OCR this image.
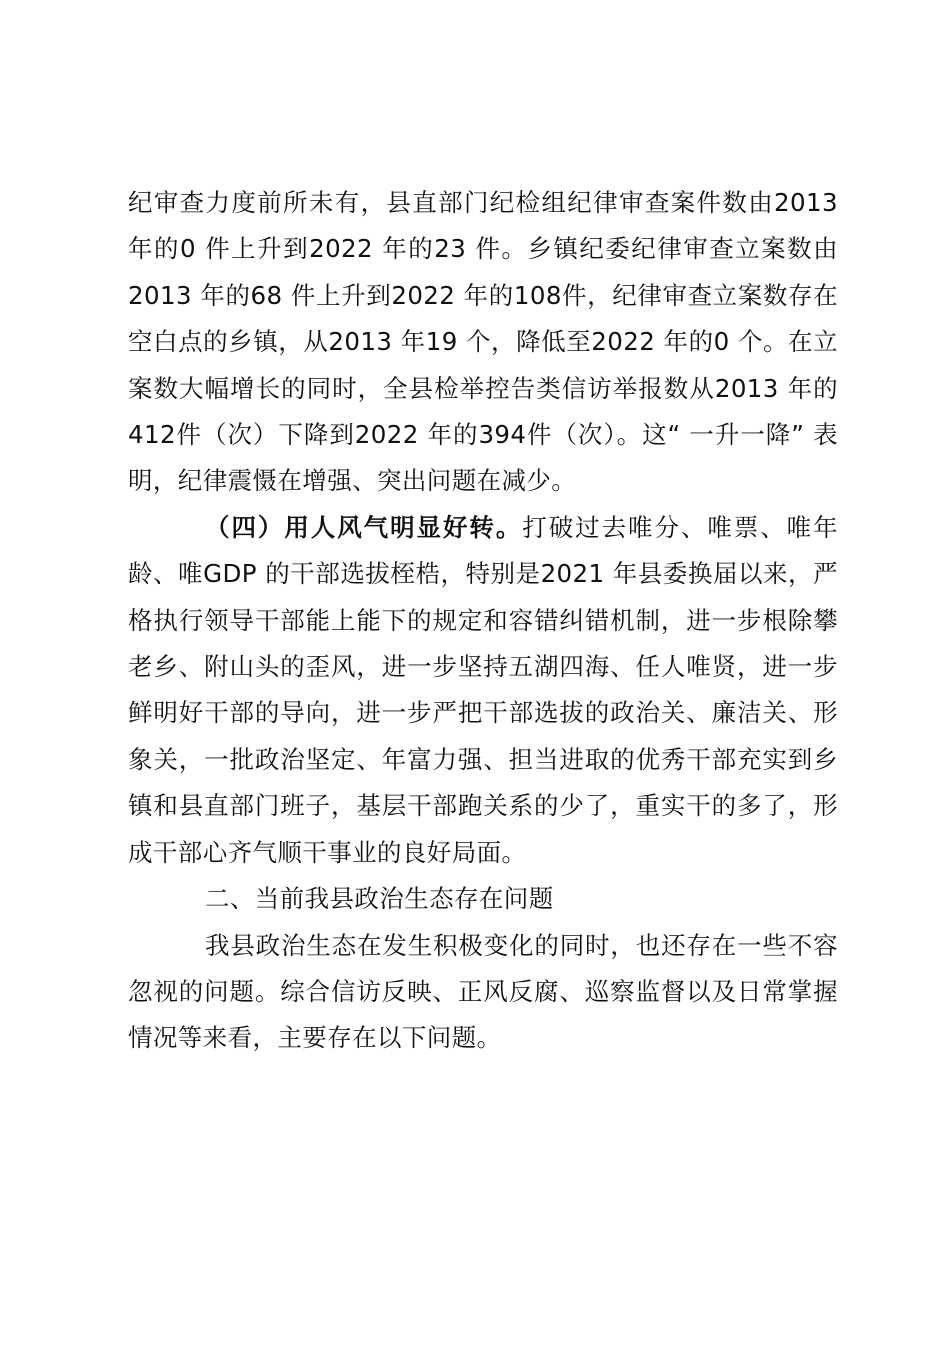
纪审查力度前所未有，县直部门纪检组纪律审查案件数由2013 年的0 件上升到2022 年的23 件。乡镇纪委纪律审查立案数由2013 年的68 件上升到2022 年的108件，纪律审查立案数存在空白点的乡镇，从2013 年19 个，降低至2022 年的0 个。在立案数大幅增长的同时，全县检举控告类信访举报数从2013 年的412件（次）下降到2022 年的394件（次）。这“ 一升一降” 表明，纪律震慑在增强、突出问题在减少。

（四）用人风气明显好转。打破过去唯分、唯票、唯年龄、唯GDP 的干部选拔桎梏，特别是2021 年县委换届以来，严格执行领导干部能上能下的规定和容错纠错机制，进一步根除攀老乡、附山头的歪风，进一步坚持五湖四海、任人唯贤，进一步鲜明好干部的导向，进一步严把干部选拔的政治关、廉洁关、形象关，一批政治坚定、年富力强、担当进取的优秀干部充实到乡镇和县直部门班子，基层干部跑关系的少了，重实干的多了，形成干部心齐气顺干事业的良好局面。

二、当前我县政治生态存在问题

我县政治生态在发生积极变化的同时，也还存在一些不容忽视的问题。综合信访反映、正风反腐、巡察监督以及日常掌握情况等来看，主要存在以下问题。
